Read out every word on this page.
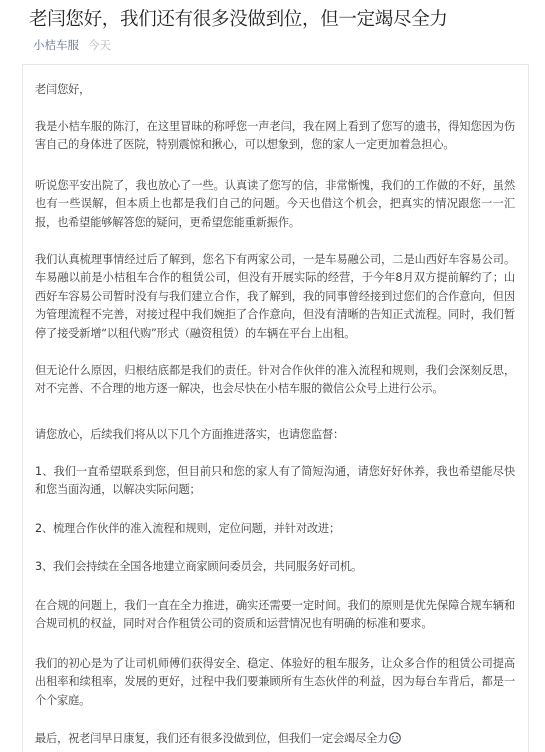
老闫您好，我们还有很多没做到位，但一定竭尽全力
小桔车服 今天

老闫您好，

我是小桔车服的陈汀，在这里冒昧的称呼您一声老闫，我在网上看到了您写的遗书，得知您因为伤害自己的身体进了医院，特别震惊和揪心，可以想象到，您的家人一定更加着急担心。

听说您平安出院了，我也放心了一些。认真读了您写的信，非常惭愧，我们的工作做的不好，虽然也有一些误解，但本质上也都是我们自己的问题。今天也借这个机会，把真实的情况跟您一一汇报，也希望能够解答您的疑问，更希望您能重新振作。

我们认真梳理事情经过后了解到，您名下有两家公司，一是车易融公司，二是山西好车容易公司。车易融以前是小桔租车合作的租赁公司，但没有开展实际的经营，于今年8月双方提前解约了；山西好车容易公司暂时没有与我们建立合作，我了解到，我的同事曾经接到过您们的合作意向，但因为管理流程不完善，对接过程中我们婉拒了合作意向，但没有清晰的告知正式流程。同时，我们暂停了接受新增“以租代购”形式（融资租赁）的车辆在平台上出租。

但无论什么原因，归根结底都是我们的责任。针对合作伙伴的准入流程和规则，我们会深刻反思，对不完善、不合理的地方逐一解决，也会尽快在小桔车服的微信公众号上进行公示。

请您放心，后续我们将从以下几个方面推进落实，也请您监督：

1、我们一直希望联系到您，但目前只和您的家人有了简短沟通，请您好好休养，我也希望能尽快和您当面沟通，以解决实际问题；

2、梳理合作伙伴的准入流程和规则，定位问题，并针对改进；

3、我们会持续在全国各地建立商家顾问委员会，共同服务好司机。

在合规的问题上，我们一直在全力推进，确实还需要一定时间。我们的原则是优先保障合规车辆和合规司机的权益，同时对合作租赁公司的资质和运营情况也有明确的标准和要求。

我们的初心是为了让司机师傅们获得安全、稳定、体验好的租车服务，让众多合作的租赁公司提高出租率和续租率，发展的更好，过程中我们要兼顾所有生态伙伴的利益，因为每台车背后，都是一个个家庭。

最后，祝老闫早日康复，我们还有很多没做到位，但我们一定会竭尽全力
